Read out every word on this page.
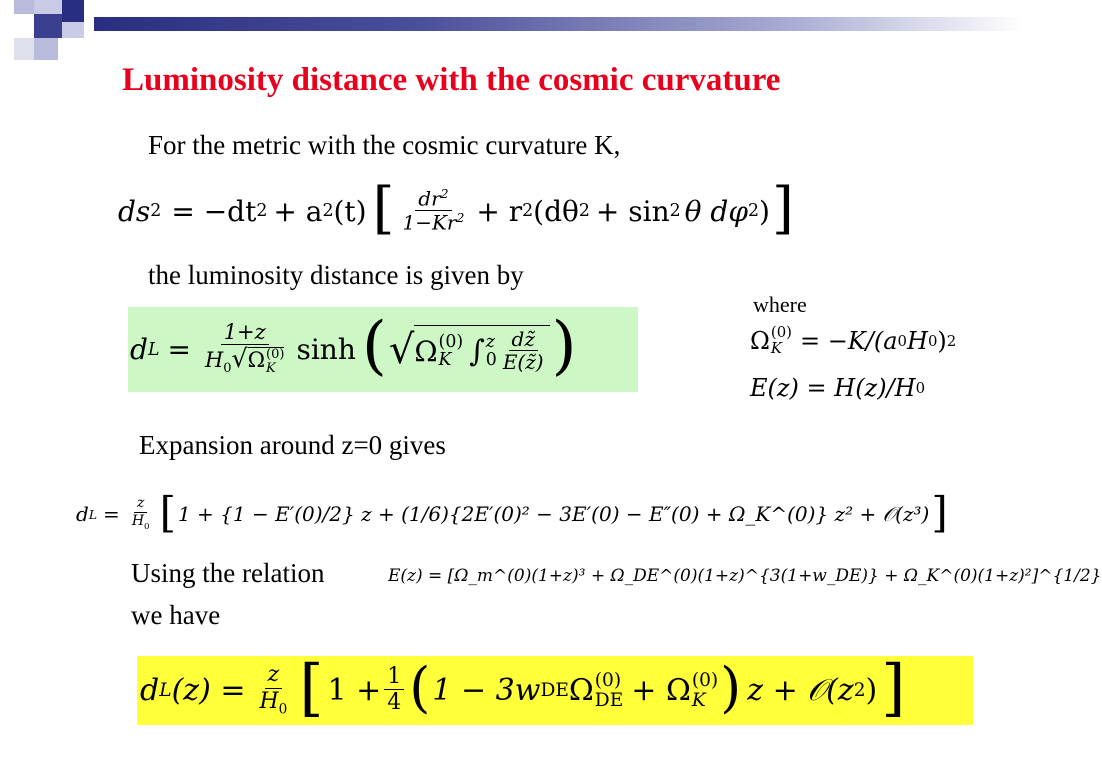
Luminosity distance with the cosmic curvature
For the metric with the cosmic curvature K,
ds 2 = −dt 2 + a 2 (t) [ $\frac{dr^2}{1-Kr^2} + r$ 2 (dθ 2 + sin 2 θ dφ 2 ) ]
the luminosity distance is given by
where
d L = 1+z
$H_0√\Omega$ (0)
K sinh ( √ Ω (0)
K ∫ z
$0 \frac{dz̃}{E(z̃)}$ )	Ω (0)
K = −K/(a 0 H 0 ) 2
E(z) = H(z)/H 0
Expansion around z=0 gives
d $L = \frac{z}{H_0}$ [ 1 + {1 − E′(0)/2} z + (1/6){2E′(0)² − 3E′(0) − E″(0) + Ω_K^(0)} z² + 𝒪(z³) ]
Using the relation
we have
E(z) = [Ω_m^(0)(1+z)³ + Ω_DE^(0)(1+z)^{3(1+w_DE)} + Ω_K^(0)(1+z)²]^{1/2}
d L $(z) = \frac{z}{H_0}$ [ $1 + \frac{1}{4}$ ( 1 − 3w DE Ω (0)
DE + Ω (0)
K ) z + 𝒪(z 2 ) ]
